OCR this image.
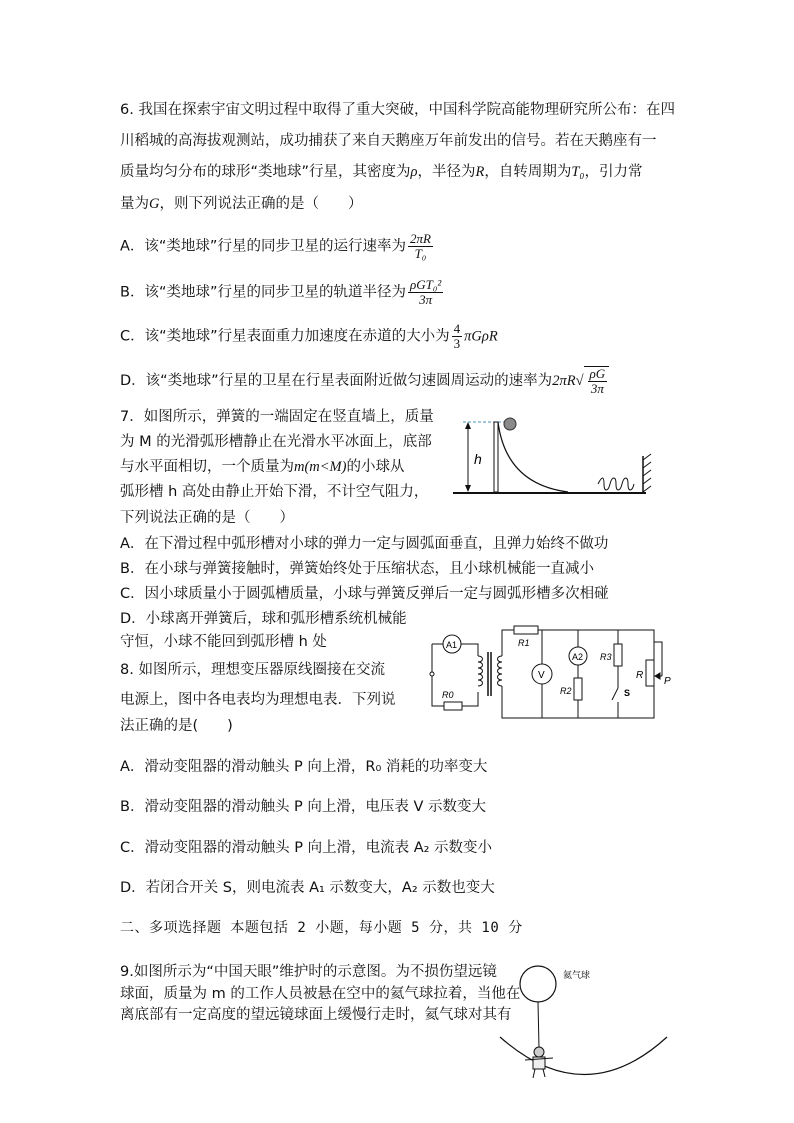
6. 我国在探索宇宙文明过程中取得了重大突破，中国科学院高能物理研究所公布：在四
川稻城的高海拔观测站，成功捕获了来自天鹅座万年前发出的信号。若在天鹅座有一
质量均匀分布的球形“类地球”行星，其密度为ρ，半径为R，自转周期为T₀，引力常
量为G，则下列说法正确的是（　　）
A．该“类地球”行星的同步卫星的运行速率为 $\frac{2\pi R}{\text{T₀}}$
B．该“类地球”行星的同步卫星的轨道半径为 $\frac{\text{ρGT₀²}}{3\pi}$
C．该“类地球”行星表面重力加速度在赤道的大小为 $\frac{4}{3}$ πGρR
D．该“类地球”行星的卫星在行星表面附近做匀速圆周运动的速率为$2\pi R√ \frac{\rho G}{3\pi}$
7．如图所示，弹簧的一端固定在竖直墙上，质量
为 M 的光滑弧形槽静止在光滑水平冰面上，底部
与水平面相切，一个质量为m(m<M)的小球从
弧形槽 h 高处由静止开始下滑，不计空气阻力，
下列说法正确的是（　　）
A．在下滑过程中弧形槽对小球的弹力一定与圆弧面垂直，且弹力始终不做功
B．在小球与弹簧接触时，弹簧始终处于压缩状态，且小球机械能一直减小
C．因小球质量小于圆弧槽质量，小球与弹簧反弹后一定与圆弧形槽多次相碰
D．小球离开弹簧后，球和弧形槽系统机械能
守恒，小球不能回到弧形槽 h 处
h
8. 如图所示，理想变压器原线圈接在交流
电源上，图中各电表均为理想电表．下列说
法正确的是(　　)
A．滑动变阻器的滑动触头 P 向上滑，R₀ 消耗的功率变大
B．滑动变阻器的滑动触头 P 向上滑，电压表 V 示数变大
C．滑动变阻器的滑动触头 P 向上滑，电流表 A₂ 示数变小
D．若闭合开关 S，则电流表 A₁ 示数变大，A₂ 示数也变大
A1	R1
V
A2 R3
R
P
R2	S
R0
二、多项选择题 本题包括 2 小题，每小题 5 分，共 10 分
9.如图所示为“中国天眼”维护时的示意图。为不损伤望远镜
球面，质量为 m 的工作人员被悬在空中的氦气球拉着，当他在
离底部有一定高度的望远镜球面上缓慢行走时，氦气球对其有
氦气球
